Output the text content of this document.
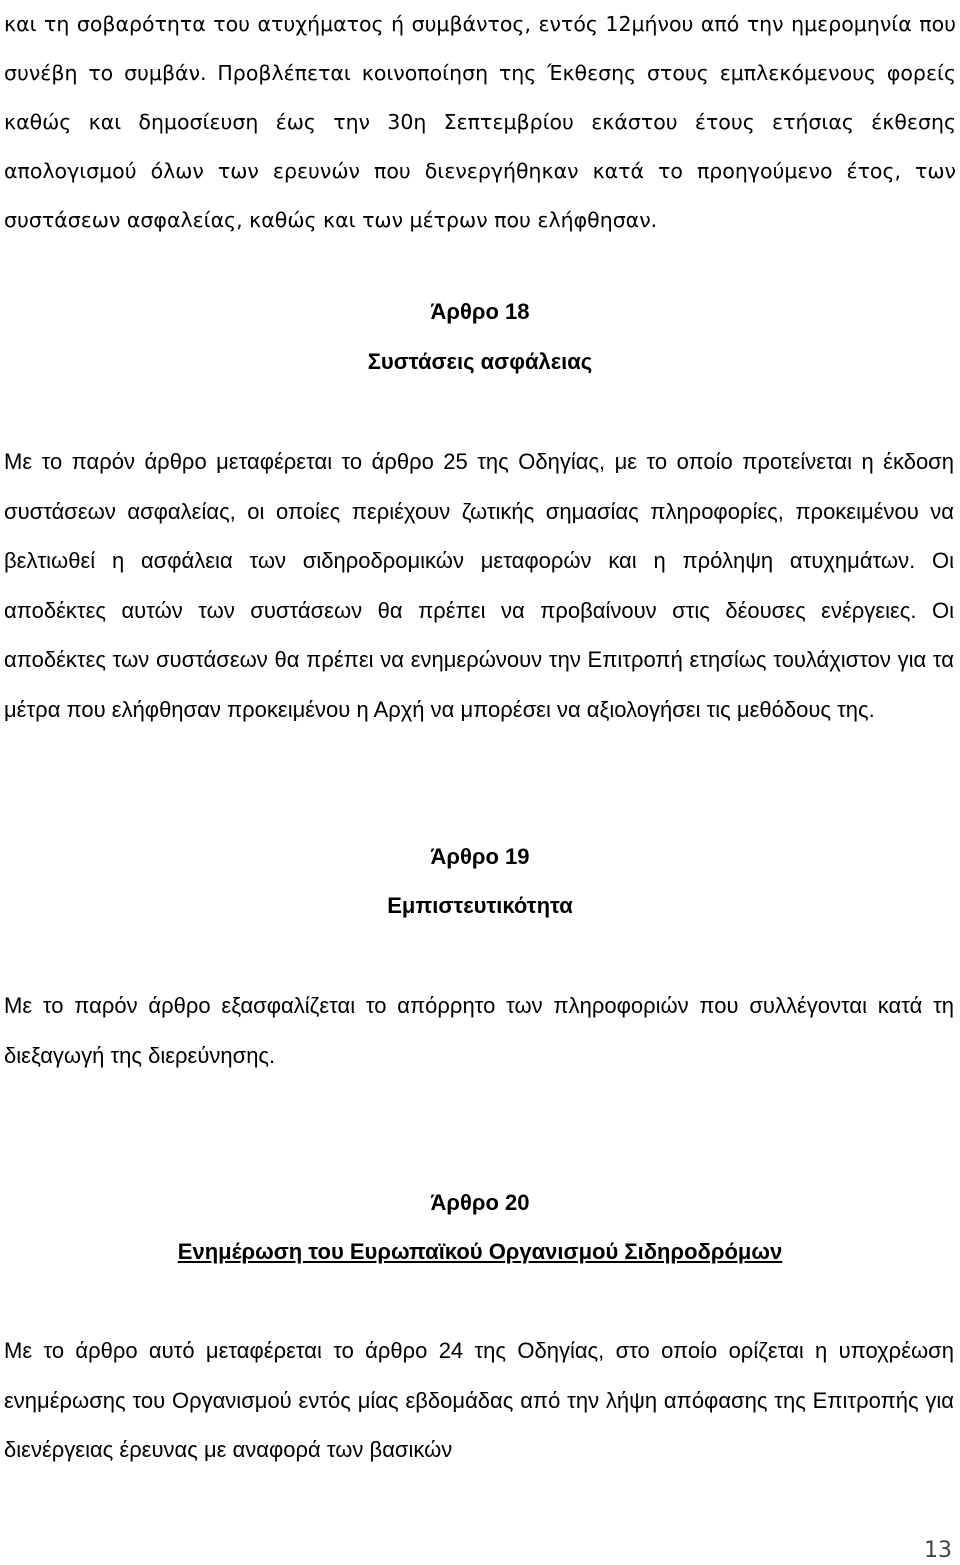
και τη σοβαρότητα του ατυχήματος ή συμβάντος, εντός 12μήνου από την ημερομηνία που συνέβη το συμβάν. Προβλέπεται κοινοποίηση της Έκθεσης στους εμπλεκόμενους φορείς καθώς και δημοσίευση έως την 30η Σεπτεμβρίου εκάστου έτους ετήσιας έκθεσης απολογισμού όλων των ερευνών που διενεργήθηκαν κατά το προηγούμενο έτος, των συστάσεων ασφαλείας, καθώς και των μέτρων που ελήφθησαν.
Άρθρο 18
Συστάσεις ασφάλειας

Με το παρόν άρθρο μεταφέρεται το άρθρο 25 της Οδηγίας, με το οποίο προτείνεται η έκδοση συστάσεων ασφαλείας, οι οποίες περιέχουν ζωτικής σημασίας πληροφορίες, προκειμένου να βελτιωθεί η ασφάλεια των σιδηροδρομικών μεταφορών και η πρόληψη ατυχημάτων. Οι αποδέκτες αυτών των συστάσεων θα πρέπει να προβαίνουν στις δέουσες ενέργειες. Οι αποδέκτες των συστάσεων θα πρέπει να ενημερώνουν την Επιτροπή ετησίως τουλάχιστον για τα μέτρα που ελήφθησαν προκειμένου η Αρχή να μπορέσει να αξιολογήσει τις μεθόδους της.

Άρθρο 19
Εμπιστευτικότητα

Με το παρόν άρθρο εξασφαλίζεται το απόρρητο των πληροφοριών που συλλέγονται κατά τη διεξαγωγή της διερεύνησης.

Άρθρο 20
Ενημέρωση του Ευρωπαϊκού Οργανισμού Σιδηροδρόμων

Με το άρθρο αυτό μεταφέρεται το άρθρο 24 της Οδηγίας, στο οποίο ορίζεται η υποχρέωση ενημέρωσης του Οργανισμού εντός μίας εβδομάδας από την λήψη απόφασης της Επιτροπής για διενέργειας έρευνας με αναφορά των βασικών

13
